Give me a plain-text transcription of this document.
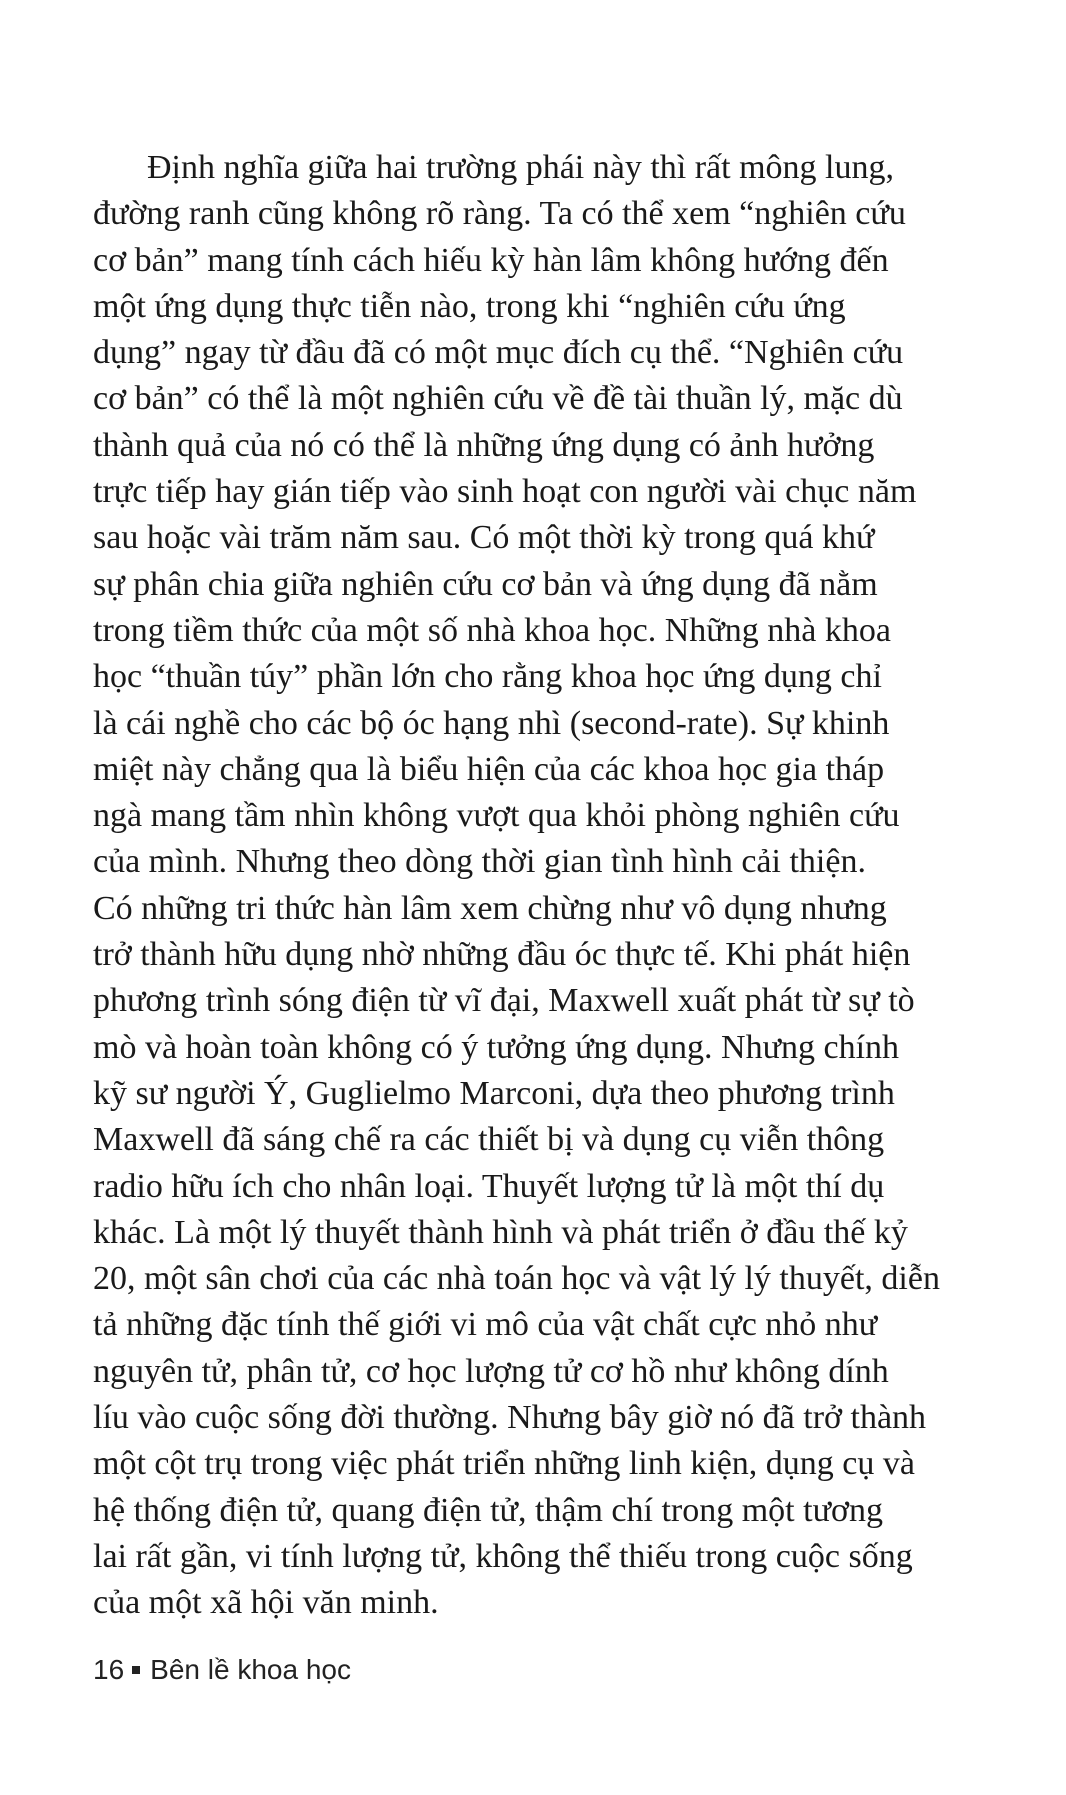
Định nghĩa giữa hai trường phái này thì rất mông lung,
đường ranh cũng không rõ ràng. Ta có thể xem “nghiên cứu
cơ bản” mang tính cách hiếu kỳ hàn lâm không hướng đến
một ứng dụng thực tiễn nào, trong khi “nghiên cứu ứng
dụng” ngay từ đầu đã có một mục đích cụ thể. “Nghiên cứu
cơ bản” có thể là một nghiên cứu về đề tài thuần lý, mặc dù
thành quả của nó có thể là những ứng dụng có ảnh hưởng
trực tiếp hay gián tiếp vào sinh hoạt con người vài chục năm
sau hoặc vài trăm năm sau. Có một thời kỳ trong quá khứ
sự phân chia giữa nghiên cứu cơ bản và ứng dụng đã nằm
trong tiềm thức của một số nhà khoa học. Những nhà khoa
học “thuần túy” phần lớn cho rằng khoa học ứng dụng chỉ
là cái nghề cho các bộ óc hạng nhì (second-rate). Sự khinh
miệt này chẳng qua là biểu hiện của các khoa học gia tháp
ngà mang tầm nhìn không vượt qua khỏi phòng nghiên cứu
của mình. Nhưng theo dòng thời gian tình hình cải thiện.
Có những tri thức hàn lâm xem chừng như vô dụng nhưng
trở thành hữu dụng nhờ những đầu óc thực tế. Khi phát hiện
phương trình sóng điện từ vĩ đại, Maxwell xuất phát từ sự tò
mò và hoàn toàn không có ý tưởng ứng dụng. Nhưng chính
kỹ sư người Ý, Guglielmo Marconi, dựa theo phương trình
Maxwell đã sáng chế ra các thiết bị và dụng cụ viễn thông
radio hữu ích cho nhân loại. Thuyết lượng tử là một thí dụ
khác. Là một lý thuyết thành hình và phát triển ở đầu thế kỷ
20, một sân chơi của các nhà toán học và vật lý lý thuyết, diễn
tả những đặc tính thế giới vi mô của vật chất cực nhỏ như
nguyên tử, phân tử, cơ học lượng tử cơ hồ như không dính
líu vào cuộc sống đời thường. Nhưng bây giờ nó đã trở thành
một cột trụ trong việc phát triển những linh kiện, dụng cụ và
hệ thống điện tử, quang điện tử, thậm chí trong một tương
lai rất gần, vi tính lượng tử, không thể thiếu trong cuộc sống
của một xã hội văn minh.
16 Bên lề khoa học
